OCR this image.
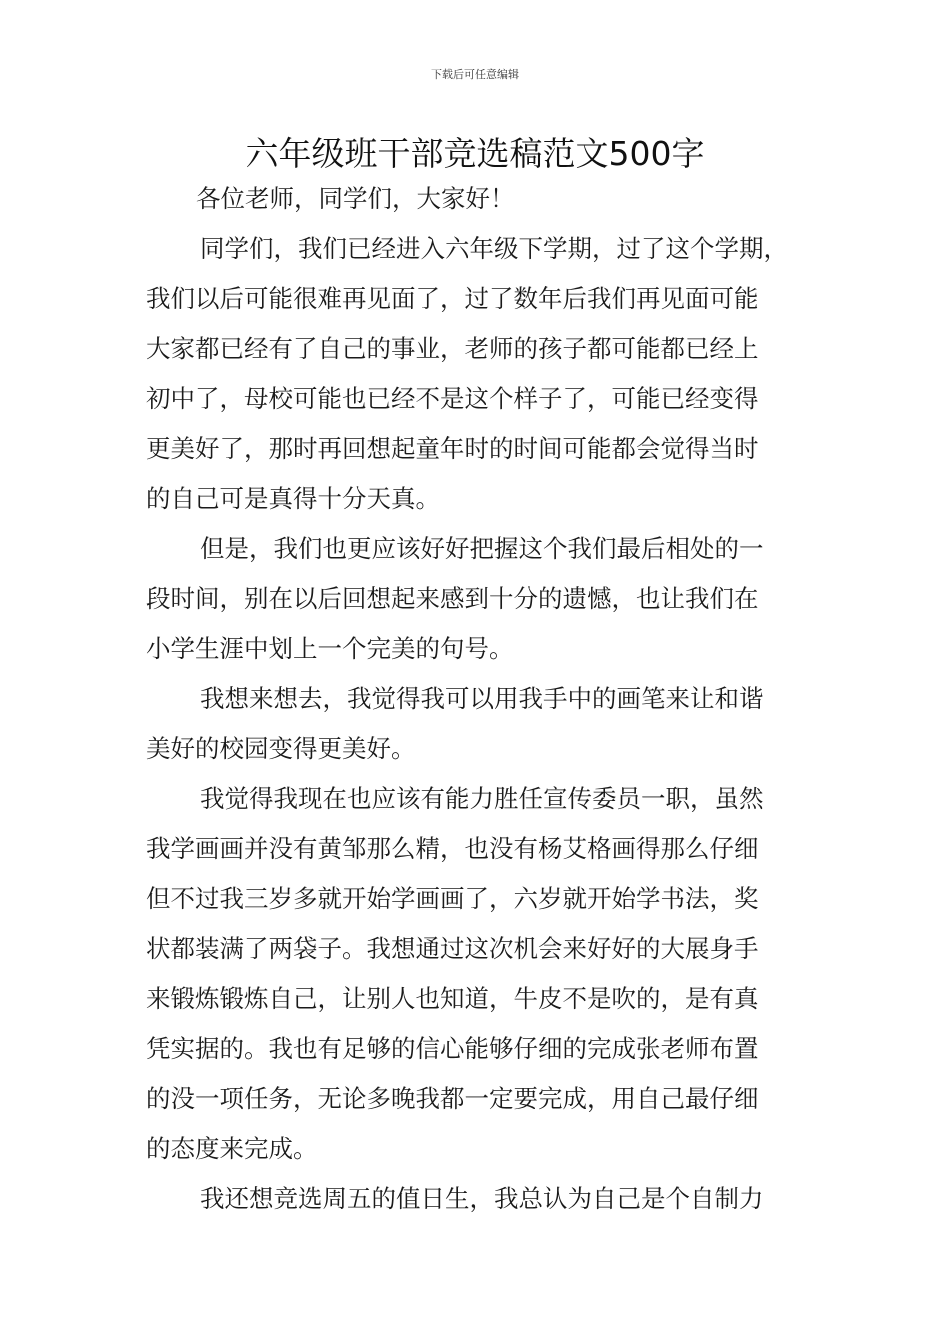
下载后可任意编辑
六年级班干部竞选稿范文500字

各位老师，同学们，大家好！

同学们，我们已经进入六年级下学期，过了这个学期，

我们以后可能很难再见面了，过了数年后我们再见面可能

大家都已经有了自己的事业，老师的孩子都可能都已经上

初中了，母校可能也已经不是这个样子了，可能已经变得

更美好了，那时再回想起童年时的时间可能都会觉得当时

的自己可是真得十分天真。

但是，我们也更应该好好把握这个我们最后相处的一

段时间，别在以后回想起来感到十分的遗憾，也让我们在

小学生涯中划上一个完美的句号。

我想来想去，我觉得我可以用我手中的画笔来让和谐

美好的校园变得更美好。

我觉得我现在也应该有能力胜任宣传委员一职，虽然

我学画画并没有黄邹那么精，也没有杨艾格画得那么仔细

但不过我三岁多就开始学画画了，六岁就开始学书法，奖

状都装满了两袋子。我想通过这次机会来好好的大展身手

来锻炼锻炼自己，让别人也知道，牛皮不是吹的，是有真

凭实据的。我也有足够的信心能够仔细的完成张老师布置

的没一项任务，无论多晚我都一定要完成，用自己最仔细

的态度来完成。

我还想竞选周五的值日生，我总认为自己是个自制力
